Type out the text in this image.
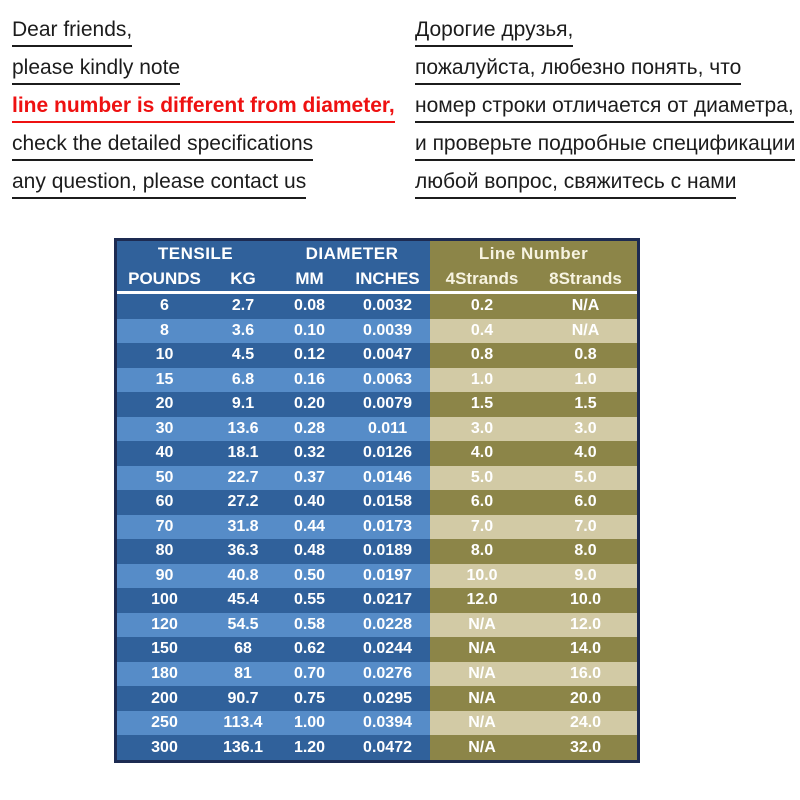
Dear friends,

please kindly note

line number is different from diameter,

check the detailed specifications

any question, please contact us

Дорогие друзья,

пожалуйста, любезно понять, что

номер строки отличается от диаметра,

и проверьте подробные спецификации

любой вопрос, свяжитесь с нами

TENSILE		DIAMETER		Line Number	
POUNDS	KG	MM	INCHES	4Strands	8Strands
6	2.7	0.08	0.0032	0.2	N/A
8	3.6	0.10	0.0039	0.4	N/A
10	4.5	0.12	0.0047	0.8	0.8
15	6.8	0.16	0.0063	1.0	1.0
20	9.1	0.20	0.0079	1.5	1.5
30	13.6	0.28	0.011	3.0	3.0
40	18.1	0.32	0.0126	4.0	4.0
50	22.7	0.37	0.0146	5.0	5.0
60	27.2	0.40	0.0158	6.0	6.0
70	31.8	0.44	0.0173	7.0	7.0
80	36.3	0.48	0.0189	8.0	8.0
90	40.8	0.50	0.0197	10.0	9.0
100	45.4	0.55	0.0217	12.0	10.0
120	54.5	0.58	0.0228	N/A	12.0
150	68	0.62	0.0244	N/A	14.0
180	81	0.70	0.0276	N/A	16.0
200	90.7	0.75	0.0295	N/A	20.0
250	113.4	1.00	0.0394	N/A	24.0
300	136.1	1.20	0.0472	N/A	32.0
